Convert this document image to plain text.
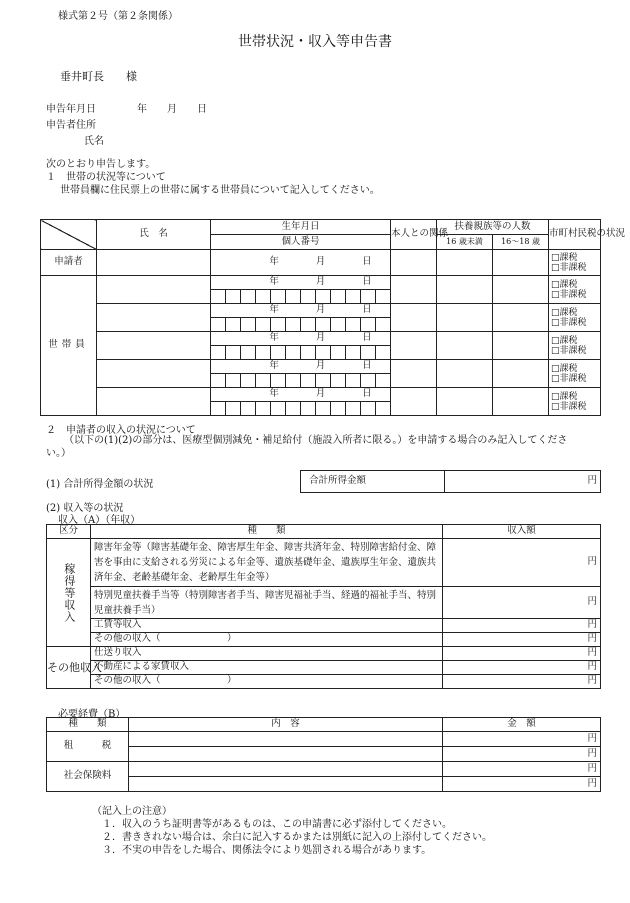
様式第２号（第２条関係）
世帯状況・収入等申告書
垂井町長　　様
申告年月日	年　　月　　日
申告者住所
氏名
次のとおり申告します。
１　世帯の状況等について
世帯員欄に住民票上の世帯に属する世帯員について記入してください。
	氏　名	生年月日												本人との関係	扶養親族等の人数		市町村民税の状況
		個人番号													16 歳未満	16～18 歳	
申請者		年 月 日															□課税
□非課税

世帯員		年 月 日															□課税
□非課税

		年 月 日															□課税
□非課税

		年 月 日															□課税
□非課税

		年 月 日															□課税
□非課税

		年 月 日															□課税
□非課税

２　申請者の収入の状況について
（以下の(1)(2)の部分は、医療型個別減免・補足給付（施設入所者に限る。）を申請する場合のみ記入してください。）
(1) 合計所得金額の状況	合計所得金額	円
(2) 収入等の状況
収入（A）（年収）
区分	種　　類	収入額

稼得等収入	障害年金等（障害基礎年金、障害厚生年金、障害共済年金、特別障害給付金、障害を事由に支給される労災による年金等、遺族基礎年金、遺族厚生年金、遺族共済年金、老齢基礎年金、老齢厚生年金等）	円
	特別児童扶養手当等（特別障害者手当、障害児福祉手当、経過的福祉手当、特別児童扶養手当）	円
	工賃等収入	円
	その他の収入（　　　　　　　）	円
その他収入	仕送り収入	円
	不動産による家賃収入	円
	その他の収入（　　　　　　　）	円
必要経費（B）
種　　類	内　容	金　額
租　　　税		円
		円
社会保険料		円
		円
（記入上の注意）
１．収入のうち証明書等があるものは、この申請書に必ず添付してください。
２．書ききれない場合は、余白に記入するかまたは別紙に記入の上添付してください。
３．不実の申告をした場合、関係法令により処罰される場合があります。
